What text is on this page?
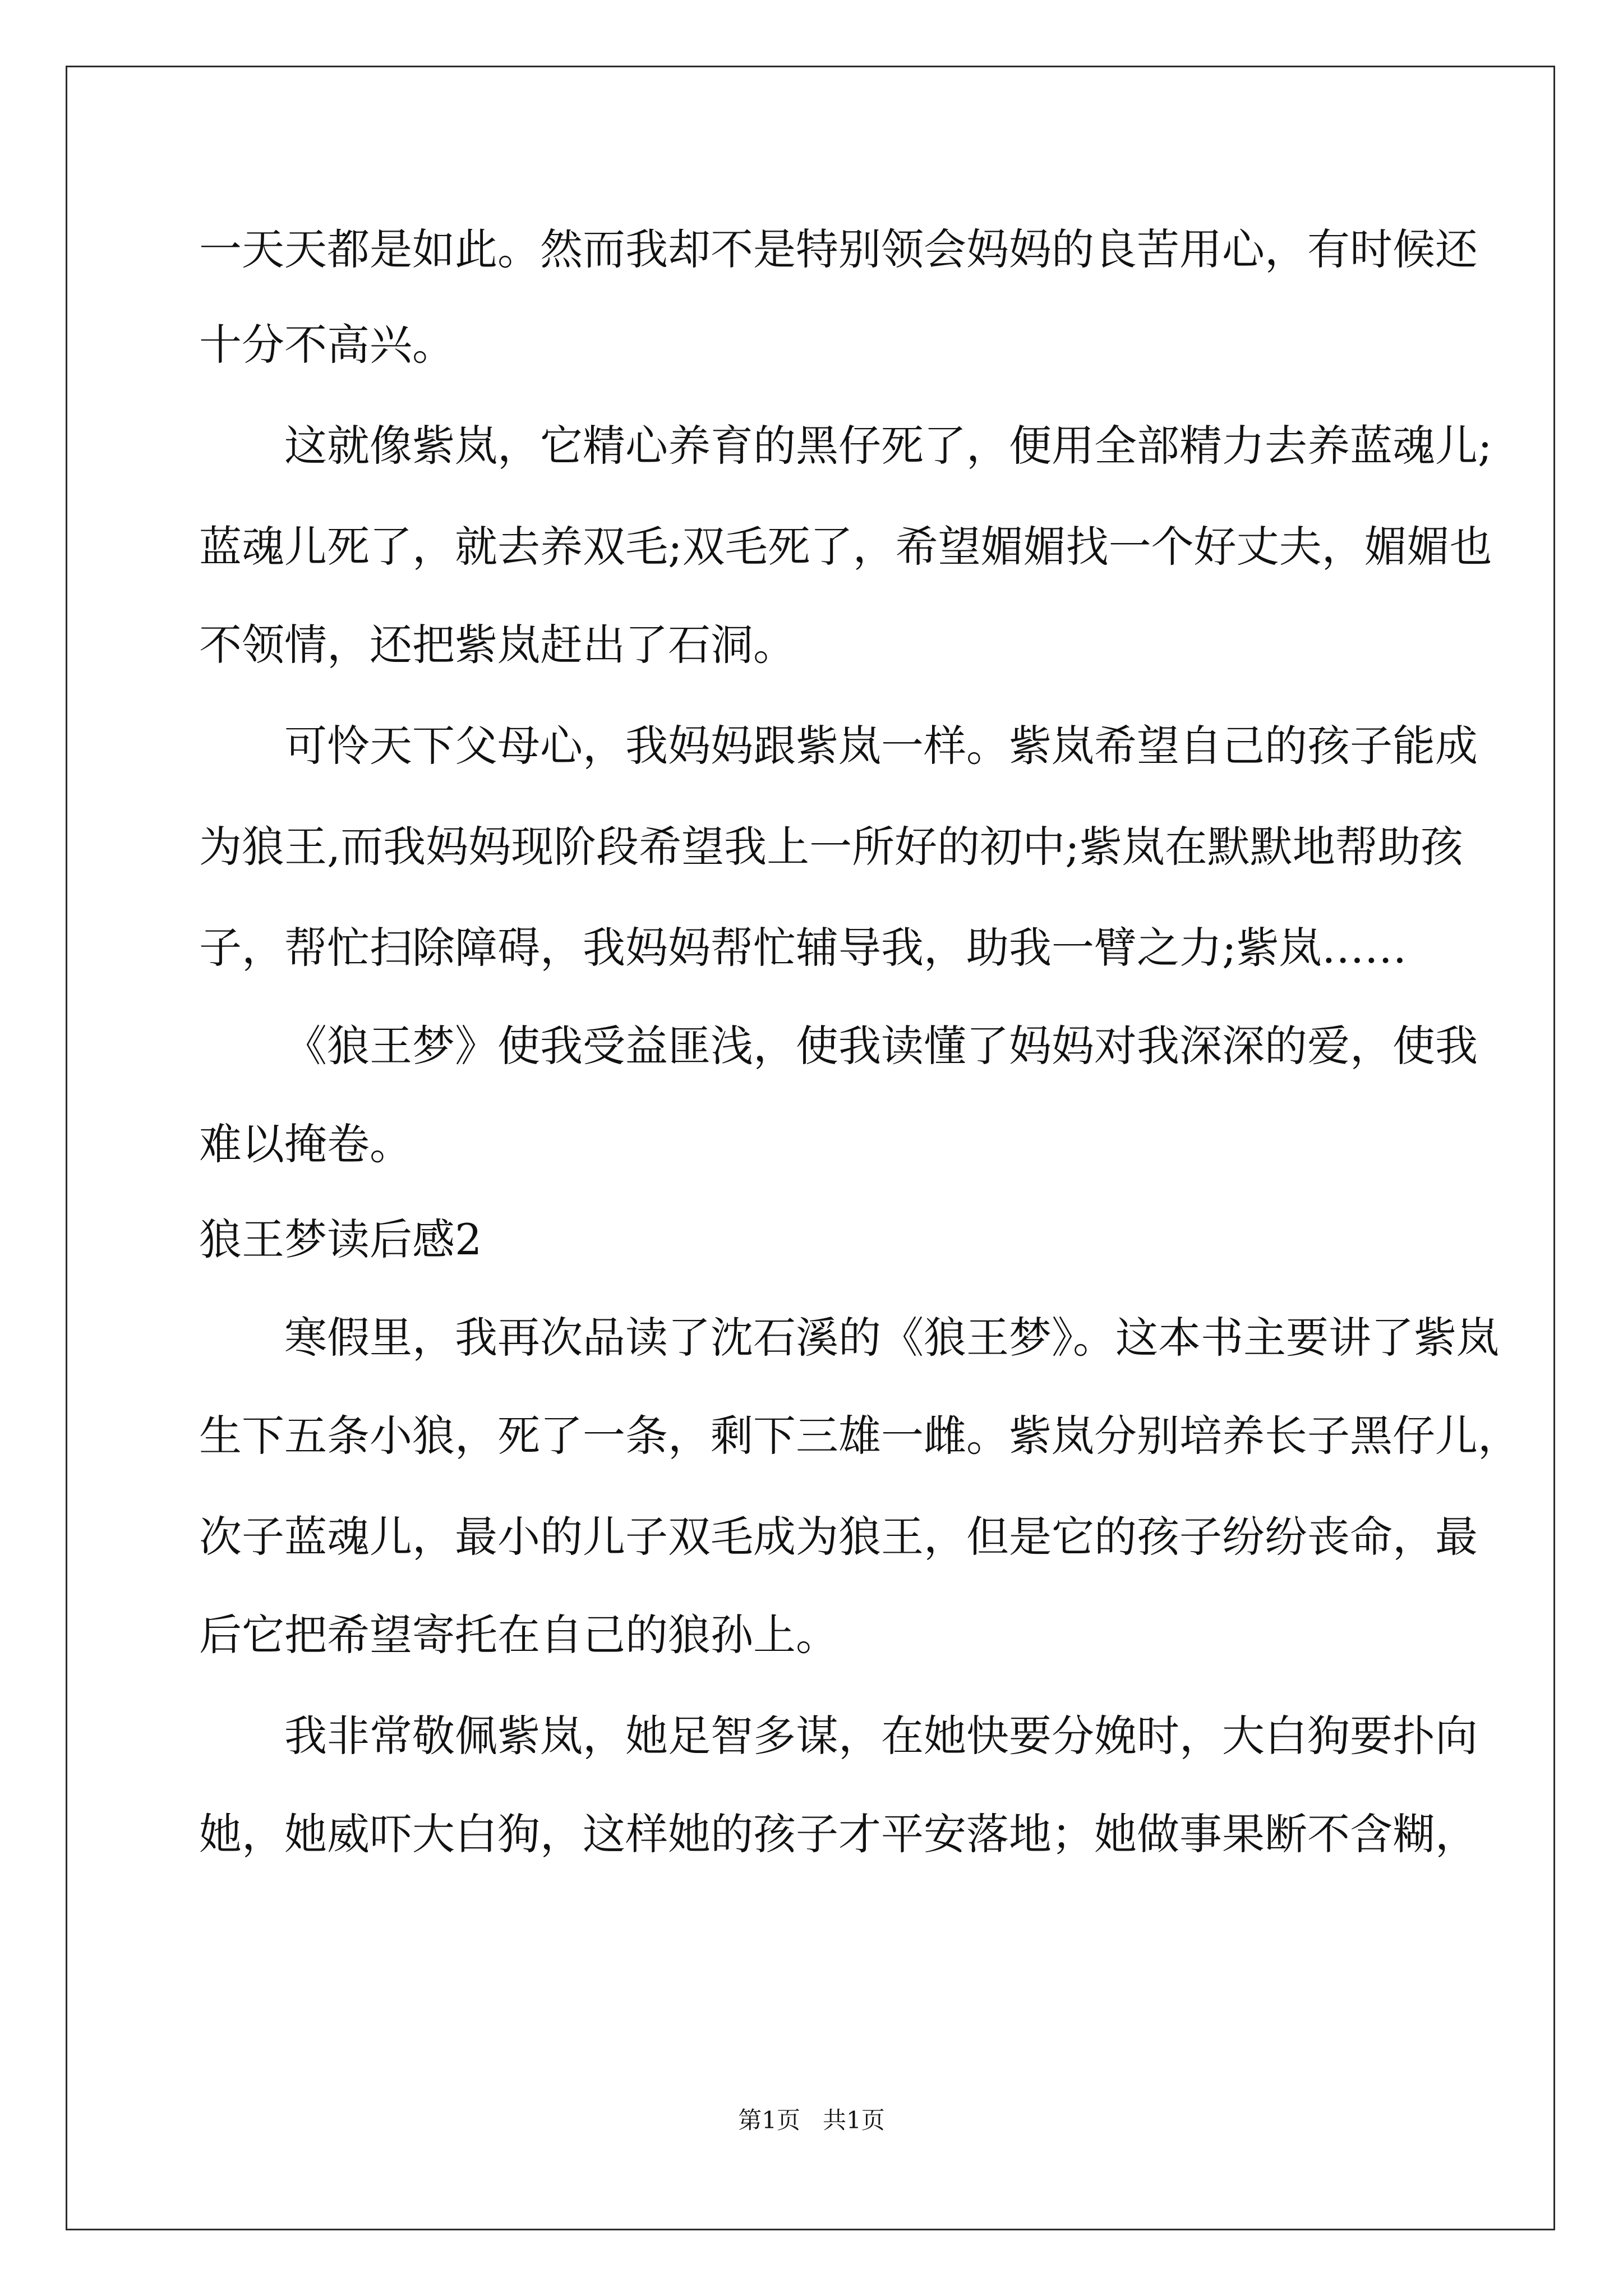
一天天都是如此。然而我却不是特别领会妈妈的良苦用心，有时候还
十分不高兴。
这就像紫岚，它精心养育的黑仔死了，便用全部精力去养蓝魂儿;
蓝魂儿死了，就去养双毛;双毛死了，希望媚媚找一个好丈夫，媚媚也
不领情，还把紫岚赶出了石洞。
可怜天下父母心，我妈妈跟紫岚一样。紫岚希望自己的孩子能成
为狼王,而我妈妈现阶段希望我上一所好的初中;紫岚在默默地帮助孩
子，帮忙扫除障碍，我妈妈帮忙辅导我，助我一臂之力;紫岚……
《狼王梦》使我受益匪浅，使我读懂了妈妈对我深深的爱，使我
难以掩卷。
狼王梦读后感2
寒假里，我再次品读了沈石溪的《狼王梦》。这本书主要讲了紫岚
生下五条小狼，死了一条，剩下三雄一雌。紫岚分别培养长子黑仔儿，
次子蓝魂儿，最小的儿子双毛成为狼王，但是它的孩子纷纷丧命，最
后它把希望寄托在自己的狼孙上。
我非常敬佩紫岚，她足智多谋，在她快要分娩时，大白狗要扑向
她，她威吓大白狗，这样她的孩子才平安落地；她做事果断不含糊，
第1页   共1页
